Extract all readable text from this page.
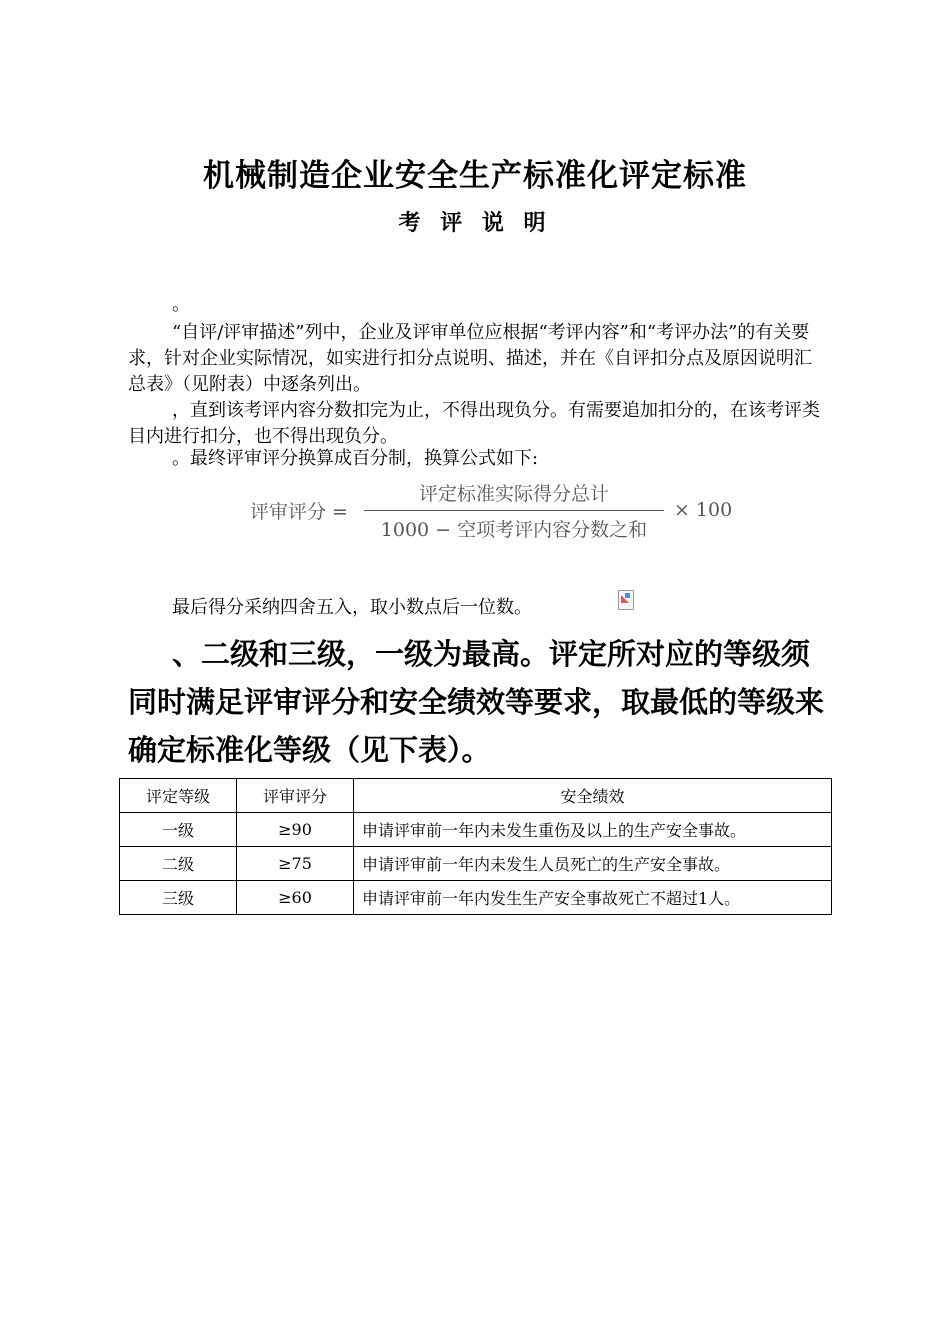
机械制造企业安全生产标准化评定标准
考 评 说 明
。
“自评/评审描述”列中，企业及评审单位应根据“考评内容”和“考评办法”的有关要求，针对企业实际情况，如实进行扣分点说明、描述，并在《自评扣分点及原因说明汇总表》（见附表）中逐条列出。
，直到该考评内容分数扣完为止，不得出现负分。有需要追加扣分的，在该考评类目内进行扣分，也不得出现负分。
。最终评审评分换算成百分制，换算公式如下:
评审评分 = $\frac{\text{评定标准实际得分总计}}{\text{1000 − 空项考评内容分数之和}} \times 100$
最后得分采纳四舍五入，取小数点后一位数。
、二级和三级，一级为最高。评定所对应的等级须同时满足评审评分和安全绩效等要求，取最低的等级来确定标准化等级（见下表）。
评定等级	评审评分	安全绩效
一级	≥90	申请评审前一年内未发生重伤及以上的生产安全事故。
二级	≥75	申请评审前一年内未发生人员死亡的生产安全事故。
三级	≥60	申请评审前一年内发生生产安全事故死亡不超过1人。
